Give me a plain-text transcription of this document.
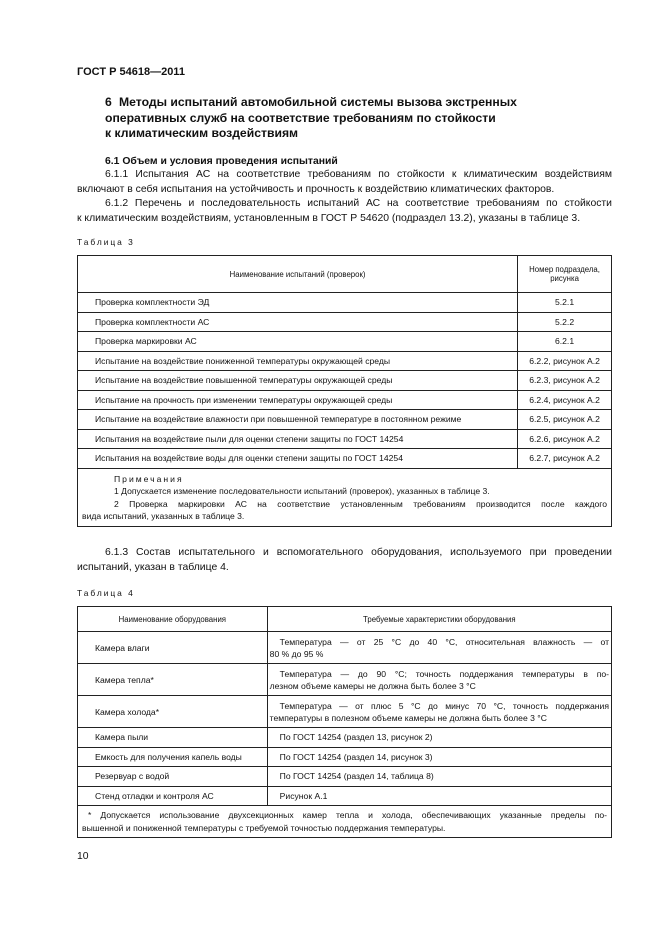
ГОСТ Р 54618—2011
6 Методы испытаний автомобильной системы вызова экстренных
оперативных служб на соответствие требованиям по стойкости
к климатическим воздействиям
6.1 Объем и условия проведения испытаний
6.1.1 Испытания АС на соответствие требованиям по стойкости к климатическим воздействиям
включают в себя испытания на устойчивость и прочность к воздействию климатических факторов.
6.1.2 Перечень и последовательность испытаний АС на соответствие требованиям по стойкости
к климатическим воздействиям, установленным в ГОСТ Р 54620 (подраздел 13.2), указаны в таблице 3.
Таблица 3
Наименование испытаний (проверок)	Номер подраздела,
рисунка

Проверка комплектности ЭД	5.2.1
Проверка комплектности АС	5.2.2
Проверка маркировки АС	6.2.1
Испытание на воздействие пониженной температуры окружающей среды	6.2.2, рисунок А.2
Испытание на воздействие повышенной температуры окружающей среды	6.2.3, рисунок А.2
Испытание на прочность при изменении температуры окружающей среды	6.2.4, рисунок А.2
Испытание на воздействие влажности при повышенной температуре в постоянном режиме	6.2.5, рисунок А.2
Испытания на воздействие пыли для оценки степени защиты по ГОСТ 14254	6.2.6, рисунок А.2
Испытания на воздействие воды для оценки степени защиты по ГОСТ 14254	6.2.7, рисунок А.2

Примечания
1 Допускается изменение последовательности испытаний (проверок), указанных в таблице 3.
2 Проверка маркировки АС на соответствие установленным требованиям производится после каждого
вида испытаний, указанных в таблице 3.	
6.1.3 Состав испытательного и вспомогательного оборудования, используемого при проведении
испытаний, указан в таблице 4.
Таблица 4
Наименование оборудования	Требуемые характеристики оборудования
Камера влаги	Температура — от 25 °С до 40 °С, относительная влажность — от
80 % до 95 %

Камера тепла*	Температура — до 90 °С; точность поддержания температуры в по-
лезном объеме камеры не должна быть более 3 °С

Камера холода*	Температура — от плюс 5 °С до минус 70 °С, точность поддержания
температуры в полезном объеме камеры не должна быть более 3 °С

Камера пыли	По ГОСТ 14254 (раздел 13, рисунок 2)
Емкость для получения капель воды	По ГОСТ 14254 (раздел 14, рисунок 3)
Резервуар с водой	По ГОСТ 14254 (раздел 14, таблица 8)
Стенд отладки и контроля АС	Рисунок А.1

* Допускается использование двухсекционных камер тепла и холода, обеспечивающих указанные пределы по-
вышенной и пониженной температуры с требуемой точностью поддержания температуры.	
10
